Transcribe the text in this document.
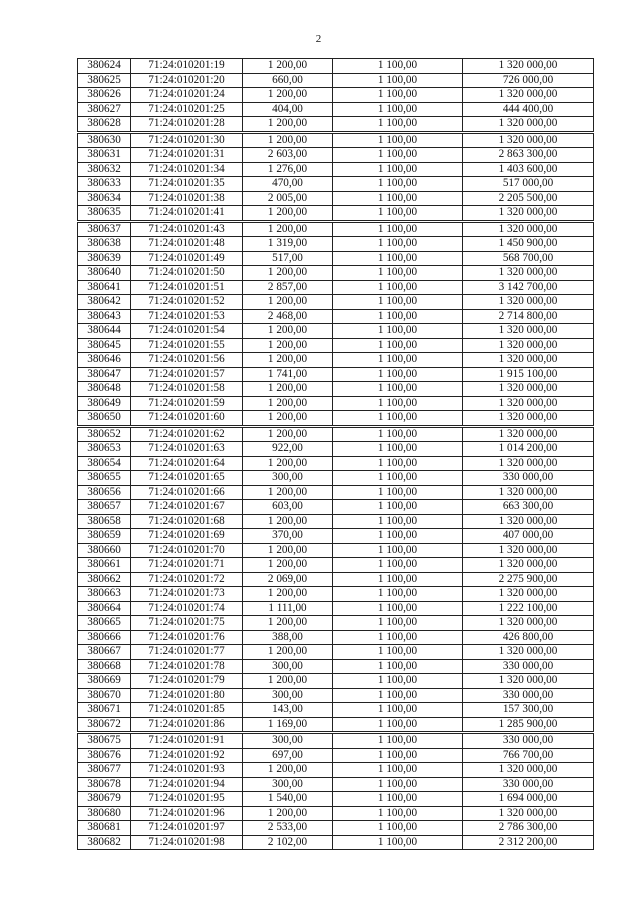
2
380624	71:24:010201:19	1 200,00	1 100,00	1 320 000,00
380625	71:24:010201:20	660,00	1 100,00	726 000,00
380626	71:24:010201:24	1 200,00	1 100,00	1 320 000,00
380627	71:24:010201:25	404,00	1 100,00	444 400,00
380628	71:24:010201:28	1 200,00	1 100,00	1 320 000,00
380630	71:24:010201:30	1 200,00	1 100,00	1 320 000,00
380631	71:24:010201:31	2 603,00	1 100,00	2 863 300,00
380632	71:24:010201:34	1 276,00	1 100,00	1 403 600,00
380633	71:24:010201:35	470,00	1 100,00	517 000,00
380634	71:24:010201:38	2 005,00	1 100,00	2 205 500,00
380635	71:24:010201:41	1 200,00	1 100,00	1 320 000,00
380637	71:24:010201:43	1 200,00	1 100,00	1 320 000,00
380638	71:24:010201:48	1 319,00	1 100,00	1 450 900,00
380639	71:24:010201:49	517,00	1 100,00	568 700,00
380640	71:24:010201:50	1 200,00	1 100,00	1 320 000,00
380641	71:24:010201:51	2 857,00	1 100,00	3 142 700,00
380642	71:24:010201:52	1 200,00	1 100,00	1 320 000,00
380643	71:24:010201:53	2 468,00	1 100,00	2 714 800,00
380644	71:24:010201:54	1 200,00	1 100,00	1 320 000,00
380645	71:24:010201:55	1 200,00	1 100,00	1 320 000,00
380646	71:24:010201:56	1 200,00	1 100,00	1 320 000,00
380647	71:24:010201:57	1 741,00	1 100,00	1 915 100,00
380648	71:24:010201:58	1 200,00	1 100,00	1 320 000,00
380649	71:24:010201:59	1 200,00	1 100,00	1 320 000,00
380650	71:24:010201:60	1 200,00	1 100,00	1 320 000,00
380652	71:24:010201:62	1 200,00	1 100,00	1 320 000,00
380653	71:24:010201:63	922,00	1 100,00	1 014 200,00
380654	71:24:010201:64	1 200,00	1 100,00	1 320 000,00
380655	71:24:010201:65	300,00	1 100,00	330 000,00
380656	71:24:010201:66	1 200,00	1 100,00	1 320 000,00
380657	71:24:010201:67	603,00	1 100,00	663 300,00
380658	71:24:010201:68	1 200,00	1 100,00	1 320 000,00
380659	71:24:010201:69	370,00	1 100,00	407 000,00
380660	71:24:010201:70	1 200,00	1 100,00	1 320 000,00
380661	71:24:010201:71	1 200,00	1 100,00	1 320 000,00
380662	71:24:010201:72	2 069,00	1 100,00	2 275 900,00
380663	71:24:010201:73	1 200,00	1 100,00	1 320 000,00
380664	71:24:010201:74	1 111,00	1 100,00	1 222 100,00
380665	71:24:010201:75	1 200,00	1 100,00	1 320 000,00
380666	71:24:010201:76	388,00	1 100,00	426 800,00
380667	71:24:010201:77	1 200,00	1 100,00	1 320 000,00
380668	71:24:010201:78	300,00	1 100,00	330 000,00
380669	71:24:010201:79	1 200,00	1 100,00	1 320 000,00
380670	71:24:010201:80	300,00	1 100,00	330 000,00
380671	71:24:010201:85	143,00	1 100,00	157 300,00
380672	71:24:010201:86	1 169,00	1 100,00	1 285 900,00
380675	71:24:010201:91	300,00	1 100,00	330 000,00
380676	71:24:010201:92	697,00	1 100,00	766 700,00
380677	71:24:010201:93	1 200,00	1 100,00	1 320 000,00
380678	71:24:010201:94	300,00	1 100,00	330 000,00
380679	71:24:010201:95	1 540,00	1 100,00	1 694 000,00
380680	71:24:010201:96	1 200,00	1 100,00	1 320 000,00
380681	71:24:010201:97	2 533,00	1 100,00	2 786 300,00
380682	71:24:010201:98	2 102,00	1 100,00	2 312 200,00
